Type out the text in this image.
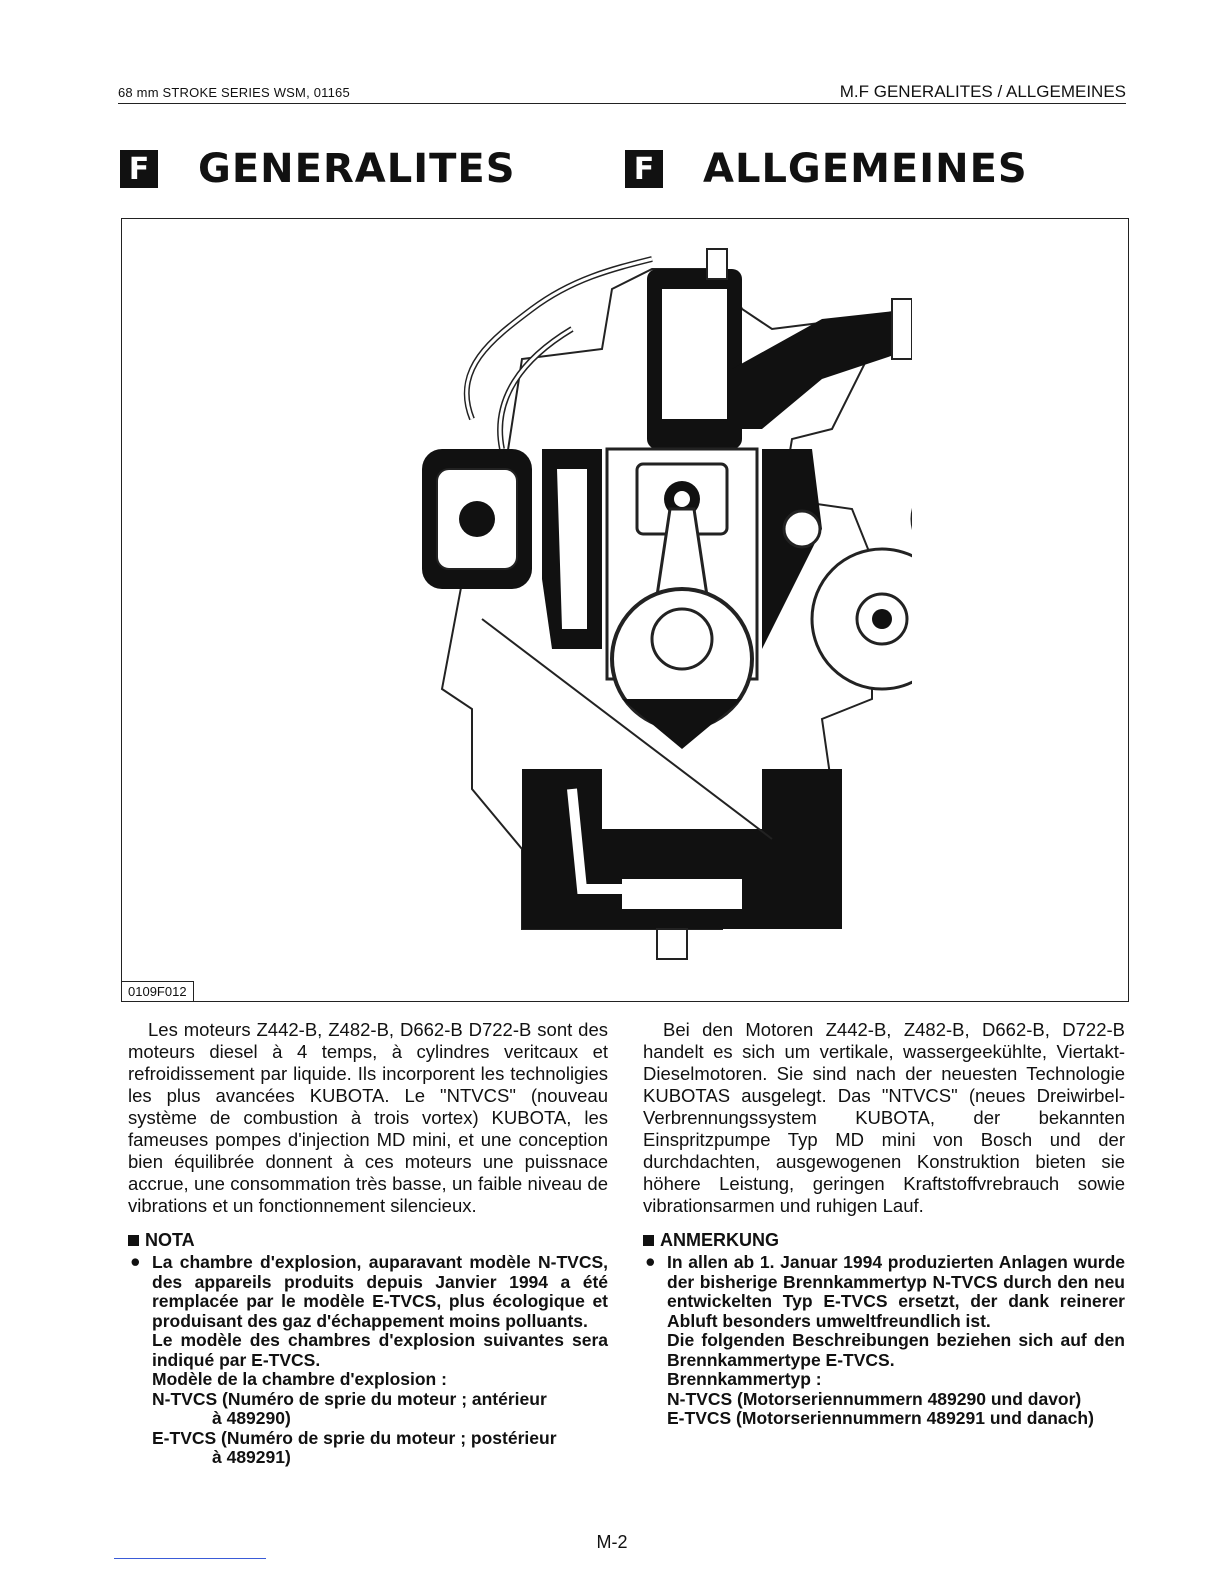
68 mm STROKE SERIES WSM, 01165	M.F GENERALITES / ALLGEMEINES
F GENERALITES	F ALLGEMEINES
0109F012

Les moteurs Z442-B, Z482-B, D662-B D722-B sont des moteurs diesel à 4 temps, à cylindres veritcaux et refroidissement par liquide. Ils incorporent les technoligies les plus avancées KUBOTA. Le "NTVCS" (nouveau système de combustion à trois vortex) KUBOTA, les fameuses pompes d'injection MD mini, et une conception bien équilibrée donnent à ces moteurs une puissnace accrue, une consommation très basse, un faible niveau de vibrations et un fonctionnement silencieux.

NOTA
● La chambre d'explosion, auparavant modèle N-TVCS, des appareils produits depuis Janvier 1994 a été remplacée par le modèle E-TVCS, plus écologique et produisant des gaz d'échappement moins polluants.

Le modèle des chambres d'explosion suivantes sera indiqué par E-TVCS.

Modèle de la chambre d'explosion :

N-TVCS (Numéro de sprie du moteur ; antérieur

à 489290)

E-TVCS (Numéro de sprie du moteur ; postérieur

à 489291)

Bei den Motoren Z442-B, Z482-B, D662-B, D722-B handelt es sich um vertikale, wassergeekühlte, Viertakt-Dieselmotoren. Sie sind nach der neuesten Technologie KUBOTAS ausgelegt. Das "NTVCS" (neues Dreiwirbel-Verbrennungssystem KUBOTA, der bekannten Einspritzpumpe Typ MD mini von Bosch und der durchdachten, ausgewogenen Konstruktion bieten sie höhere Leistung, geringen Kraftstoffvrebrauch sowie vibrationsarmen und ruhigen Lauf.

ANMERKUNG
● In allen ab 1. Januar 1994 produzierten Anlagen wurde der bisherige Brennkammertyp N-TVCS durch den neu entwickelten Typ E-TVCS ersetzt, der dank reinerer Abluft besonders umweltfreundlich ist.

Die folgenden Beschreibungen beziehen sich auf den Brennkammertype E-TVCS.

Brennkammertyp :

N-TVCS (Motorseriennummern 489290 und davor)

E-TVCS (Motorseriennummern 489291 und danach)

M-2
